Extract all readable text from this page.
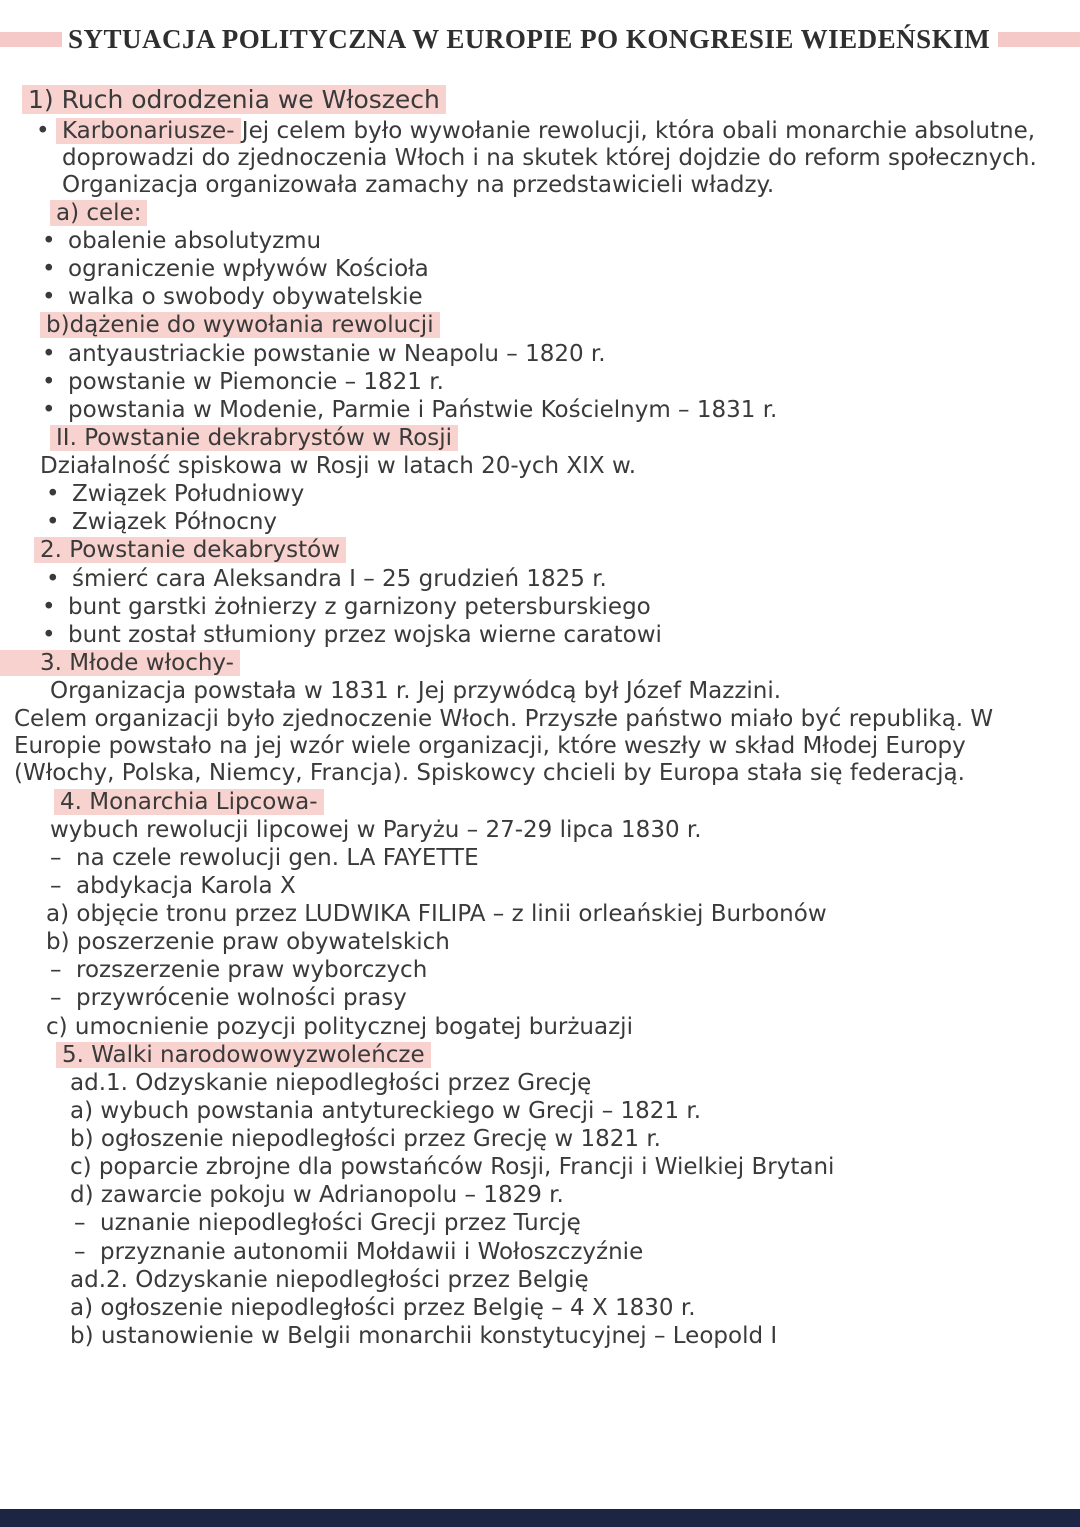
SYTUACJA POLITYCZNA W EUROPIE PO KONGRESIE WIEDEŃSKIM
1) Ruch odrodzenia we Włoszech
• Karbonariusze- Jej celem było wywołanie rewolucji, która obali monarchie absolutne, doprowadzi do zjednoczenia Włoch i na skutek której dojdzie do reform społecznych. Organizacja organizowała zamachy na przedstawicieli władzy.
a) cele:
• obalenie absolutyzmu
• ograniczenie wpływów Kościoła
• walka o swobody obywatelskie
b)dążenie do wywołania rewolucji
• antyaustriackie powstanie w Neapolu – 1820 r.
• powstanie w Piemoncie – 1821 r.
• powstania w Modenie, Parmie i Państwie Kościelnym – 1831 r.
II. Powstanie dekrabrystów w Rosji
Działalność spiskowa w Rosji w latach 20-ych XIX w.
• Związek Południowy
• Związek Północny
2. Powstanie dekabrystów
• śmierć cara Aleksandra I – 25 grudzień 1825 r.
• bunt garstki żołnierzy z garnizony petersburskiego
• bunt został stłumiony przez wojska wierne caratowi
3. Młode włochy-
Organizacja powstała w 1831 r. Jej przywódcą był Józef Mazzini.
Celem organizacji było zjednoczenie Włoch. Przyszłe państwo miało być republiką. W Europie powstało na jej wzór wiele organizacji, które weszły w skład Młodej Europy (Włochy, Polska, Niemcy, Francja). Spiskowcy chcieli by Europa stała się federacją.
4. Monarchia Lipcowa-
wybuch rewolucji lipcowej w Paryżu – 27-29 lipca 1830 r.
– na czele rewolucji gen. LA FAYETTE
– abdykacja Karola X
a) objęcie tronu przez LUDWIKA FILIPA – z linii orleańskiej Burbonów
b) poszerzenie praw obywatelskich
– rozszerzenie praw wyborczych
– przywrócenie wolności prasy
c) umocnienie pozycji politycznej bogatej burżuazji
5. Walki narodowowyzwoleńcze
ad.1. Odzyskanie niepodległości przez Grecję
a) wybuch powstania antytureckiego w Grecji – 1821 r.
b) ogłoszenie niepodległości przez Grecję w 1821 r.
c) poparcie zbrojne dla powstańców Rosji, Francji i Wielkiej Brytani
d) zawarcie pokoju w Adrianopolu – 1829 r.
– uznanie niepodległości Grecji przez Turcję
– przyznanie autonomii Mołdawii i Wołoszczyźnie
ad.2. Odzyskanie niepodległości przez Belgię
a) ogłoszenie niepodległości przez Belgię – 4 X 1830 r.
b) ustanowienie w Belgii monarchii konstytucyjnej – Leopold I
